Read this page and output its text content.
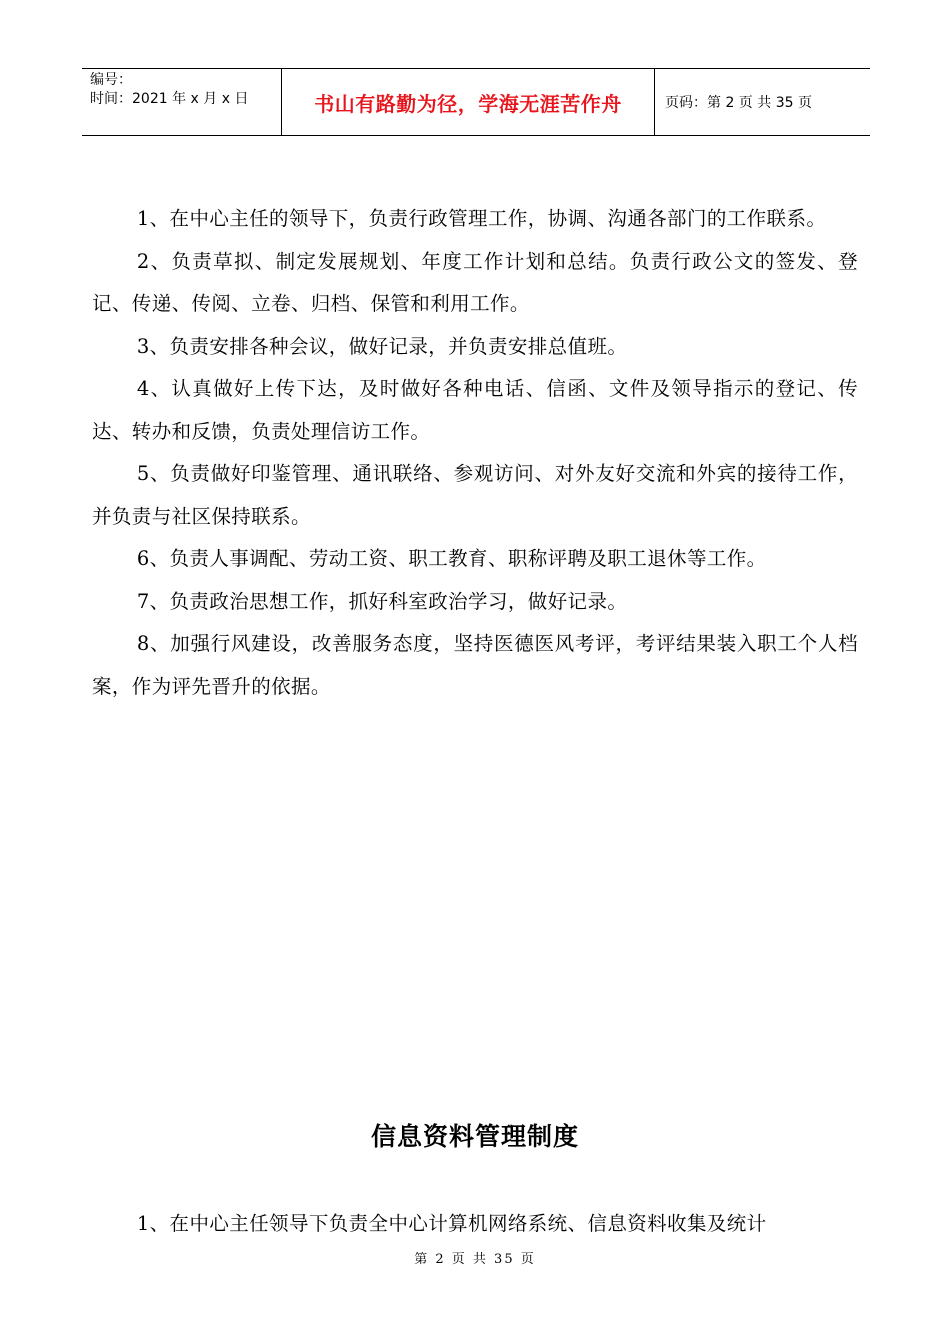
编号：
时间：2021 年 x 月 x 日	书山有路勤为径，学海无涯苦作舟	页码：第 2 页 共 35 页

1、在中心主任的领导下，负责行政管理工作，协调、沟通各部门的工作联系。

2、负责草拟、制定发展规划、年度工作计划和总结。负责行政公文的签发、登记、传递、传阅、立卷、归档、保管和利用工作。

3、负责安排各种会议，做好记录，并负责安排总值班。

4、认真做好上传下达，及时做好各种电话、信函、文件及领导指示的登记、传达、转办和反馈，负责处理信访工作。

5、负责做好印鉴管理、通讯联络、参观访问、对外友好交流和外宾的接待工作，并负责与社区保持联系。

6、负责人事调配、劳动工资、职工教育、职称评聘及职工退休等工作。

7、负责政治思想工作，抓好科室政治学习，做好记录。

8、加强行风建设，改善服务态度，坚持医德医风考评，考评结果装入职工个人档案，作为评先晋升的依据。

信息资料管理制度

1、在中心主任领导下负责全中心计算机网络系统、信息资料收集及统计

第 2 页 共 35 页
